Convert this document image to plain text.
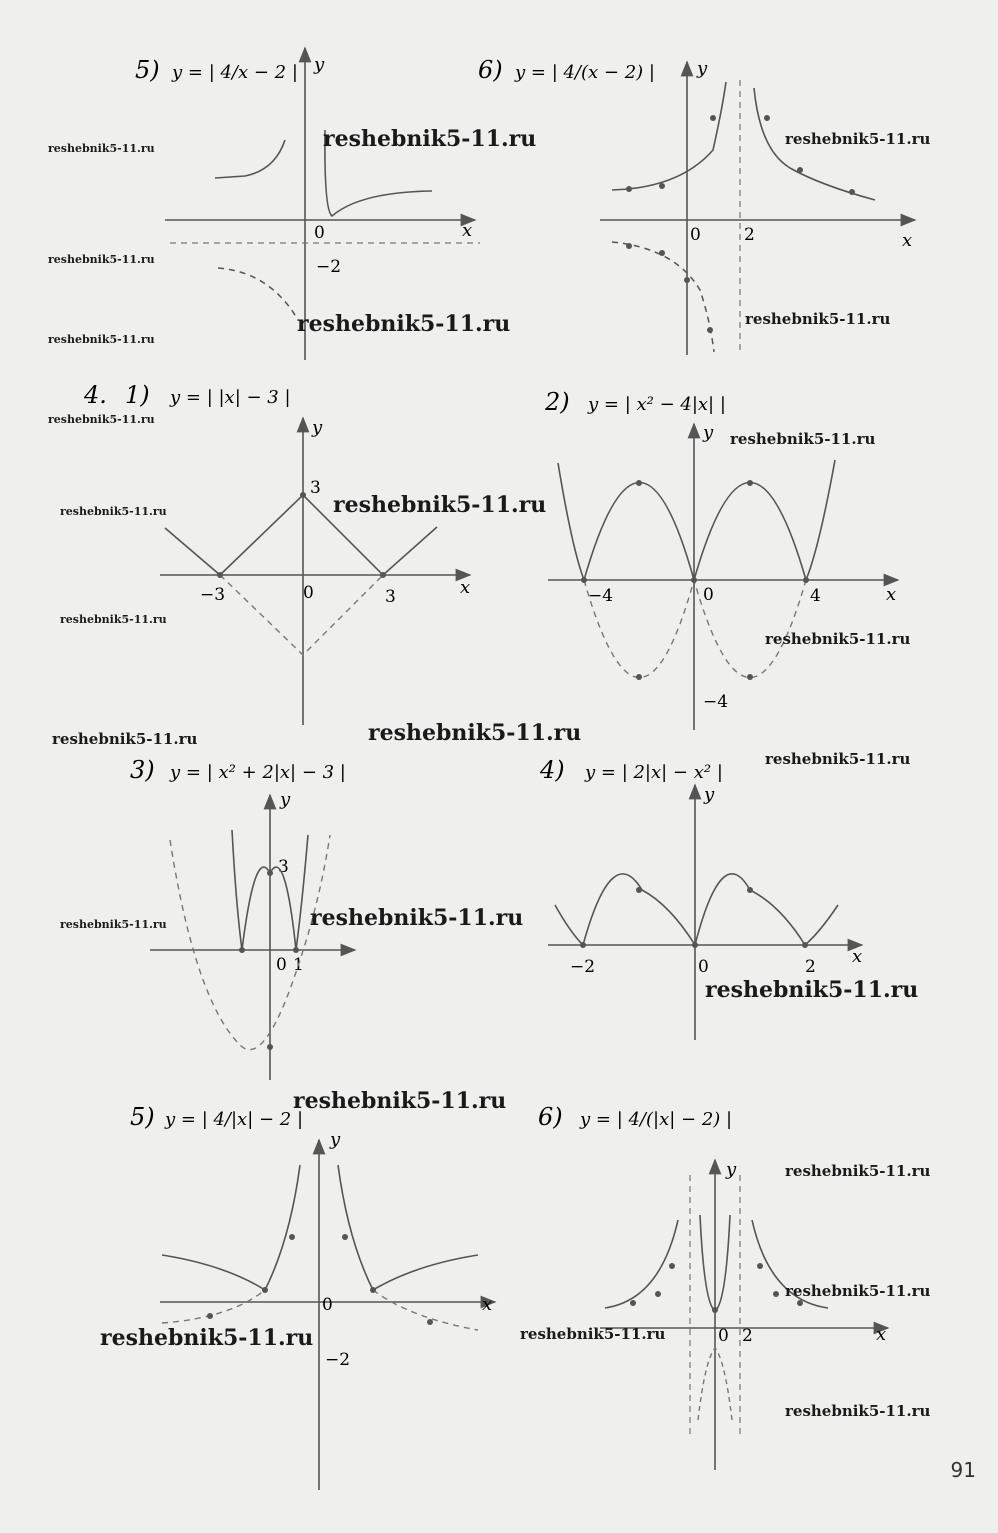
5) y = | 4/x − 2 |
x
y
0
−2
6) y = | 4/(x − 2) |
x
y
0	2
4. 1) y = | |x| − 3 |
x
y
−3	0	3
3
2) y = | x² − 4|x| |
x
y
−4	0	4
−4
3) y = | x² + 2|x| − 3 |
y
3
0 1
4) y = | 2|x| − x² |
x
y
−2	0	2
5) y = | 4/|x| − 2 |
x
y
0
−2
6) y = | 4/(|x| − 2) |
x
y
0 2
reshebnik5-11.ru	reshebnik5-11.ru	reshebnik5-11.ru
reshebnik5-11.ru
reshebnik5-11.ru	reshebnik5-11.ru
reshebnik5-11.ru
reshebnik5-11.ru
reshebnik5-11.ru
reshebnik5-11.ru	reshebnik5-11.ru
reshebnik5-11.ru
reshebnik5-11.ru
reshebnik5-11.ru	reshebnik5-11.ru
reshebnik5-11.ru
reshebnik5-11.ru	reshebnik5-11.ru
reshebnik5-11.ru
reshebnik5-11.ru
reshebnik5-11.ru
reshebnik5-11.ru
reshebnik5-11.ru	reshebnik5-11.ru
reshebnik5-11.ru
91
